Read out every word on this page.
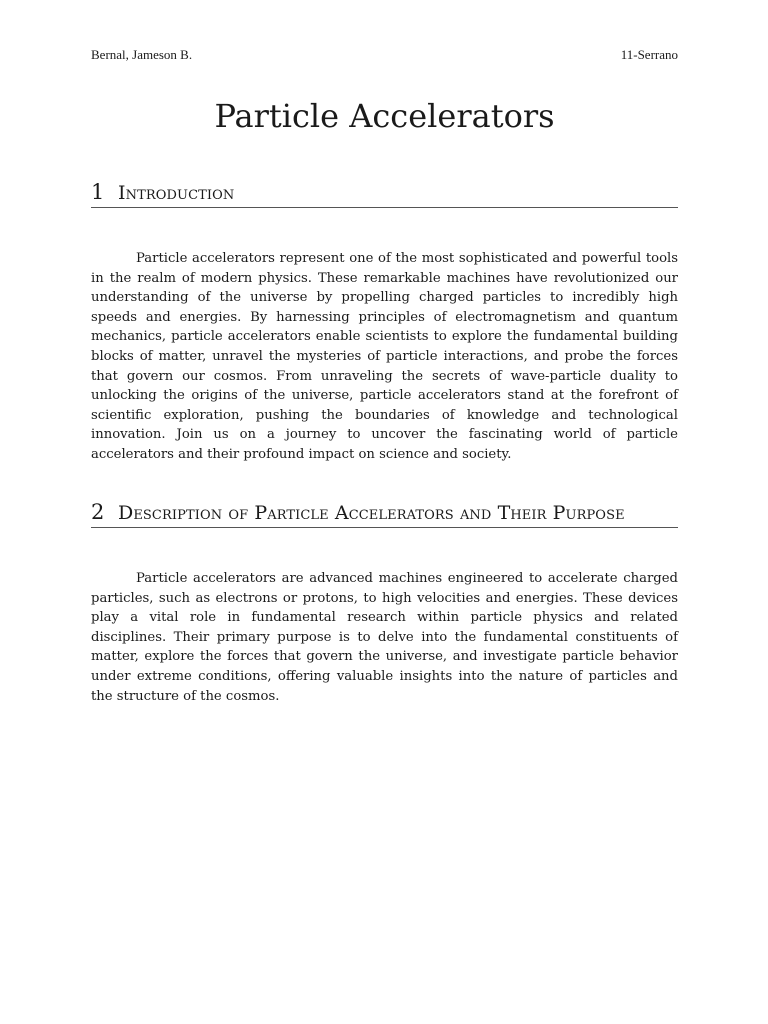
Bernal, Jameson B.	11-Serrano
Particle Accelerators
1 Introduction

Particle accelerators represent one of the most sophisticated and powerful tools in the realm of modern physics. These remarkable machines have revolutionized our understanding of the universe by propelling charged particles to incredibly high speeds and energies. By harnessing principles of electromagnetism and quantum mechanics, particle accelerators enable scientists to explore the fundamental building blocks of matter, unravel the mysteries of particle interactions, and probe the forces that govern our cosmos. From unraveling the secrets of wave-particle duality to unlocking the origins of the universe, particle accelerators stand at the forefront of scientific exploration, pushing the boundaries of knowledge and technological innovation. Join us on a journey to uncover the fascinating world of particle accelerators and their profound impact on science and society.

2 Description of Particle Accelerators and Their Purpose

Particle accelerators are advanced machines engineered to accelerate charged particles, such as electrons or protons, to high velocities and energies. These devices play a vital role in fundamental research within particle physics and related disciplines. Their primary purpose is to delve into the fundamental constituents of matter, explore the forces that govern the universe, and investigate particle behavior under extreme conditions, offering valuable insights into the nature of particles and the structure of the cosmos.
